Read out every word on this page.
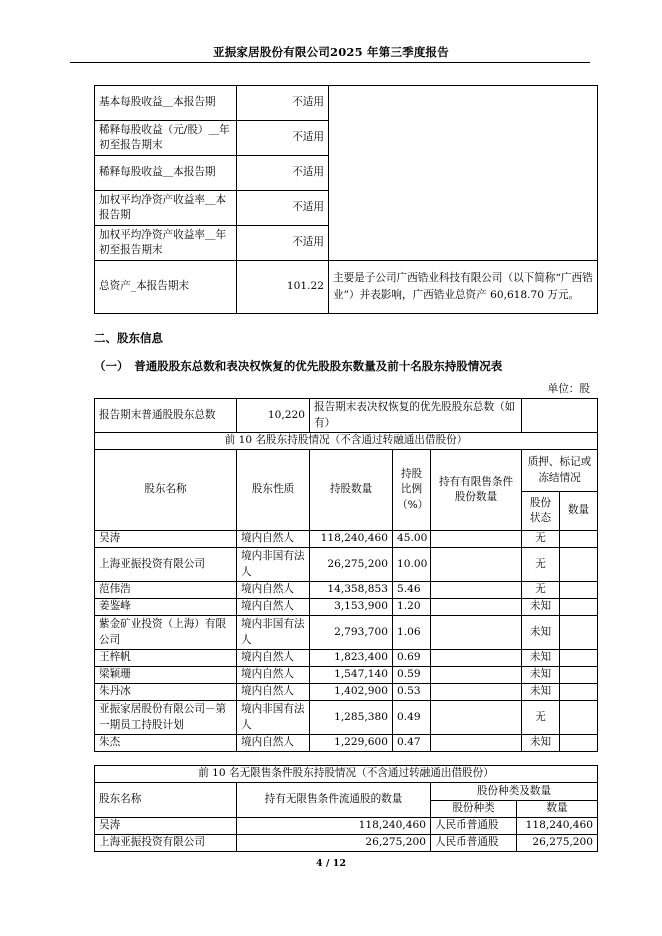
亚振家居股份有限公司2025 年第三季度报告
基本每股收益＿本报告期	不适用	
稀释每股收益（元/股）＿年初至报告期末	不适用	
稀释每股收益＿本报告期	不适用	
加权平均净资产收益率＿本报告期	不适用	
加权平均净资产收益率＿年初至报告期末	不适用	
总资产_本报告期末	101.22	主要是子公司广西锆业科技有限公司（以下简称“广西锆业”）并表影响，广西锆业总资产 60,618.70 万元。
二、股东信息
（一）　普通股股东总数和表决权恢复的优先股股东数量及前十名股东持股情况表
单位：股
报告期末普通股股东总数	10,220	报告期末表决权恢复的优先股股东总数（如有）				
前 10 名股东持股情况（不含通过转融通出借股份）						
股东名称	股东性质	持股数量	持股比例（%）	持有有限售条件股份数量	质押、标记或冻结情况	
					股份状态	数量
吴涛	境内自然人	118,240,460	45.00		无	
上海亚振投资有限公司	境内非国有法人	26,275,200	10.00		无	
范伟浩	境内自然人	14,358,853	5.46		无	
姜鉴峰	境内自然人	3,153,900	1.20		未知	
紫金矿业投资（上海）有限公司	境内非国有法人	2,793,700	1.06		未知	
王梓帆	境内自然人	1,823,400	0.69		未知	
梁颖珊	境内自然人	1,547,140	0.59		未知	
朱丹冰	境内自然人	1,402,900	0.53		未知	
亚振家居股份有限公司－第一期员工持股计划	境内非国有法人	1,285,380	0.49		无	
朱杰	境内自然人	1,229,600	0.47		未知	
前 10 名无限售条件股东持股情况（不含通过转融通出借股份）			
股东名称	持有无限售条件流通股的数量	股份种类及数量	
		股份种类	数量
吴涛	118,240,460	人民币普通股	118,240,460
上海亚振投资有限公司	26,275,200	人民币普通股	26,275,200
4 / 12
